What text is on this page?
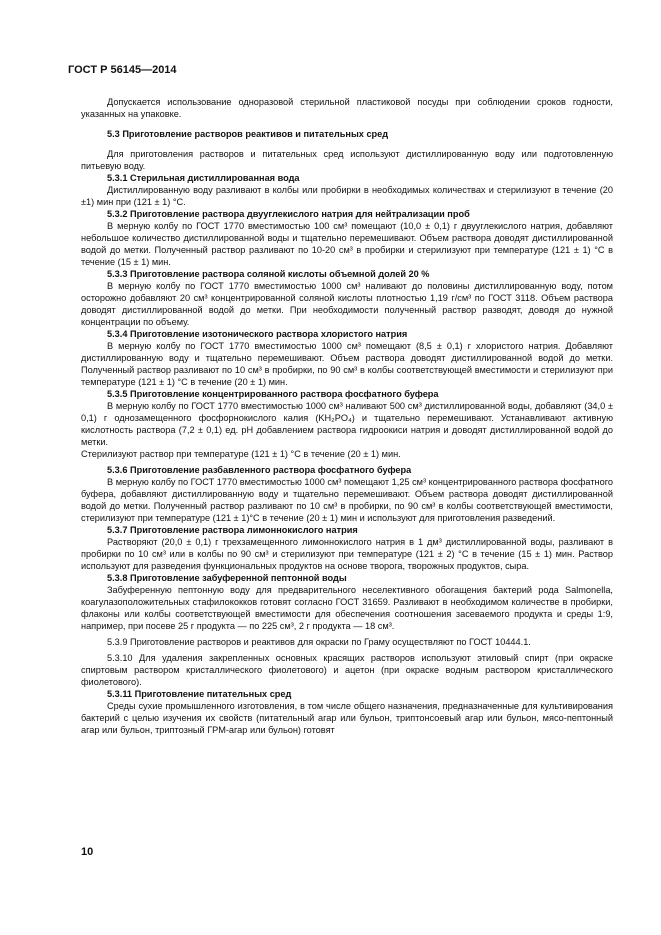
ГОСТ Р 56145—2014

Допускается использование одноразовой стерильной пластиковой посуды при соблюдении сроков годности, указанных на упаковке.

5.3 Приготовление растворов реактивов и питательных сред

Для приготовления растворов и питательных сред используют дистиллированную воду или подготовленную питьевую воду.

5.3.1 Стерильная дистиллированная вода

Дистиллированную воду разливают в колбы или пробирки в необходимых количествах и стерилизуют в течение (20 ±1) мин при (121 ± 1) °С.

5.3.2 Приготовление раствора двууглекислого натрия для нейтрализации проб

В мерную колбу по ГОСТ 1770 вместимостью 100 см³ помещают (10,0 ± 0,1) г двууглекислого натрия, добавляют небольшое количество дистиллированной воды и тщательно перемешивают. Объем раствора доводят дистиллированной водой до метки. Полученный раствор разливают по 10-20 см³ в пробирки и стерилизуют при температуре (121 ± 1) °С в течение (15 ± 1) мин.

5.3.3 Приготовление раствора соляной кислоты объемной долей 20 %

В мерную колбу по ГОСТ 1770 вместимостью 1000 см³ наливают до половины дистиллированную воду, потом осторожно добавляют 20 см³ концентрированной соляной кислоты плотностью 1,19 г/см³ по ГОСТ 3118. Объем раствора доводят дистиллированной водой до метки. При необходимости полученный раствор разводят, доводя до нужной концентрации по объему.

5.3.4 Приготовление изотонического раствора хлористого натрия

В мерную колбу по ГОСТ 1770 вместимостью 1000 см³ помещают (8,5 ± 0,1) г хлористого натрия. Добавляют дистиллированную воду и тщательно перемешивают. Объем раствора доводят дистиллированной водой до метки. Полученный раствор разливают по 10 см³ в пробирки, по 90 см³ в колбы соответствующей вместимости и стерилизуют при температуре (121 ± 1) °С в течение (20 ± 1) мин.

5.3.5 Приготовление концентрированного раствора фосфатного буфера

В мерную колбу по ГОСТ 1770 вместимостью 1000 см³ наливают 500 см³ дистиллированной воды, добавляют (34,0 ± 0,1) г однозамещенного фосфорнокислого калия (KH₂PO₄) и тщательно перемешивают. Устанавливают активную кислотность раствора (7,2 ± 0,1) ед. pH добавлением раствора гидроокиси натрия и доводят дистиллированной водой до метки.

Стерилизуют раствор при температуре (121 ± 1) °С в течение (20 ± 1) мин.

5.3.6 Приготовление разбавленного раствора фосфатного буфера

В мерную колбу по ГОСТ 1770 вместимостью 1000 см³ помещают 1,25 см³ концентрированного раствора фосфатного буфера, добавляют дистиллированную воду и тщательно перемешивают. Объем раствора доводят дистиллированной водой до метки. Полученный раствор разливают по 10 см³ в пробирки, по 90 см³ в колбы соответствующей вместимости, стерилизуют при температуре (121 ± 1)°С в течение (20 ± 1) мин и используют для приготовления разведений.

5.3.7 Приготовление раствора лимоннокислого натрия

Растворяют (20,0 ± 0,1) г трехзамещенного лимоннокислого натрия в 1 дм³ дистиллированной воды, разливают в пробирки по 10 см³ или в колбы по 90 см³ и стерилизуют при температуре (121 ± 2) °С в течение (15 ± 1) мин. Раствор используют для разведения функциональных продуктов на основе творога, творожных продуктов, сыра.

5.3.8 Приготовление забуференной пептонной воды

Забуференную пептонную воду для предварительного неселективного обогащения бактерий рода Salmonella, коагулазоположительных стафилококков готовят согласно ГОСТ 31659. Разливают в необходимом количестве в пробирки, флаконы или колбы соответствующей вместимости для обеспечения соотношения засеваемого продукта и среды 1:9, например, при посеве 25 г продукта — по 225 см³, 2 г продукта — 18 см³.

5.3.9 Приготовление растворов и реактивов для окраски по Граму осуществляют по ГОСТ 10444.1.

5.3.10 Для удаления закрепленных основных красящих растворов используют этиловый спирт (при окраске спиртовым раствором кристаллического фиолетового) и ацетон (при окраске водным раствором кристаллического фиолетового).

5.3.11 Приготовление питательных сред

Среды сухие промышленного изготовления, в том числе общего назначения, предназначенные для культивирования бактерий с целью изучения их свойств (питательный агар или бульон, триптонсоевый агар или бульон, мясо-пептонный агар или бульон, триптозный ГРМ-агар или бульон) готовят

10
